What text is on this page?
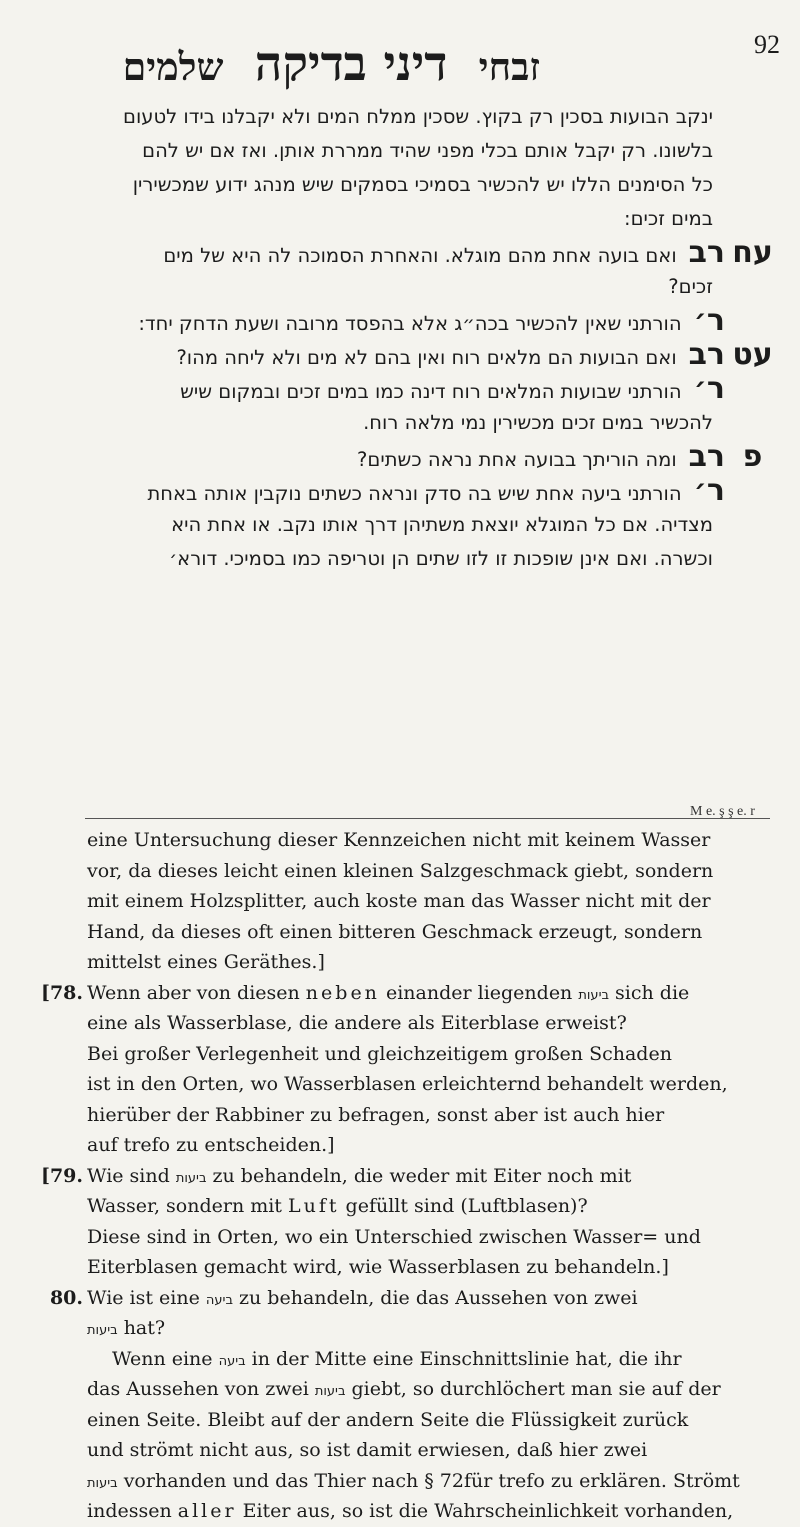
זבחי דיני בדיקה שלמים	92
ינקב הבועות בסכין רק בקוץ. שסכין ממלח המים ולא יקבלנו בידו לטעום
בלשונו. רק יקבל אותם בכלי מפני שהיד ממררת אותן. ואז אם יש להם
כל הסימנים הללו יש להכשיר בסמיכי בסמקים שיש מנהג ידוע שמכשירין
במים זכים:
עח
רב
ואם בועה אחת מהם מוגלא. והאחרת הסמוכה לה היא של מים
זכים?
ר׳
הורתני שאין להכשיר בכה״ג אלא בהפסד מרובה ושעת הדחק יחד:
עט
רב
ואם הבועות הם מלאים רוח ואין בהם לא מים ולא ליחה מהו?
ר׳
הורתני שבועות המלאים רוח דינה כמו במים זכים ובמקום שיש
להכשיר במים זכים מכשירין נמי מלאה רוח.
פ
רב
ומה הוריתך בבועה אחת נראה כשתים?
ר׳
הורתני ביעה אחת שיש בה סדק ונראה כשתים נוקבין אותה באחת
מצדיה. אם כל המוגלא יוצאת משתיהן דרך אותו נקב. או אחת היא
וכשרה. ואם אינן שופכות זו לזו שתים הן וטריפה כמו בסמיכי. דורא׳
M e. ş ş e. r
eine Untersuchung dieser Kennzeichen nicht mit keinem Wasser
vor, da dieses leicht einen kleinen Salzgeschmack giebt, sondern
mit einem Holzsplitter, auch koste man das Wasser nicht mit der
Hand, da dieses oft einen bitteren Geschmack erzeugt, sondern
mittelst eines Geräthes.]
[78. Wenn aber von diesen neben einander liegenden ביעות sich die
eine als Wasserblase, die andere als Eiterblase erweist?
Bei großer Verlegenheit und gleichzeitigem großen Schaden
ist in den Orten, wo Wasserblasen erleichternd behandelt werden,
hierüber der Rabbiner zu befragen, sonst aber ist auch hier
auf trefo zu entscheiden.]
[79. Wie sind ביעות zu behandeln, die weder mit Eiter noch mit
Wasser, sondern mit Luft gefüllt sind (Luftblasen)?
Diese sind in Orten, wo ein Unterschied zwischen Wasser= und
Eiterblasen gemacht wird, wie Wasserblasen zu behandeln.]
80. Wie ist eine ביעה zu behandeln, die das Aussehen von zwei
ביעות hat?
Wenn eine ביעה in der Mitte eine Einschnittslinie hat, die ihr
das Aussehen von zwei ביעות giebt, so durchlöchert man sie auf der
einen Seite. Bleibt auf der andern Seite die Flüssigkeit zurück
und strömt nicht aus, so ist damit erwiesen, daß hier zwei
ביעות vorhanden und das Thier nach § 72für trefo zu erklären. Strömt
indessen aller Eiter aus, so ist die Wahrscheinlichkeit vorhanden,
